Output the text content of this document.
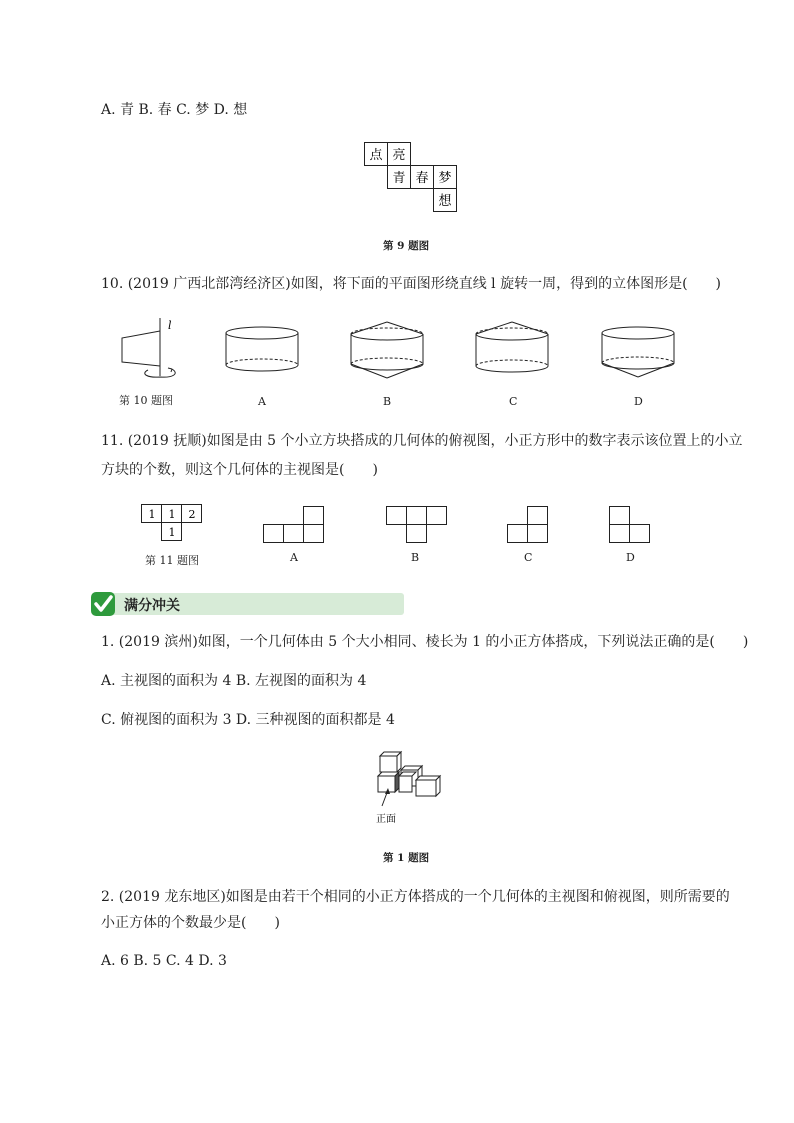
A. 青 B. 春 C. 梦 D. 想
点 亮
青 春 梦
想
第 9 题图
10. (2019 广西北部湾经济区)如图，将下面的平面图形绕直线 l 旋转一周，得到的立体图形是(　　)
l
第 10 题图	A	B	C	D
11. (2019 抚顺)如图是由 5 个小立方块搭成的几何体的俯视图，小正方形中的数字表示该位置上的小立
方块的个数，则这个几何体的主视图是(　　)
1 1 2
1
第 11 题图	A	B	C	D
满分冲关
1. (2019 滨州)如图，一个几何体由 5 个大小相同、棱长为 1 的小正方体搭成，下列说法正确的是(　　)
A. 主视图的面积为 4 B. 左视图的面积为 4
C. 俯视图的面积为 3 D. 三种视图的面积都是 4
正面
第 1 题图
2. (2019 龙东地区)如图是由若干个相同的小正方体搭成的一个几何体的主视图和俯视图，则所需要的
小正方体的个数最少是(　　)
A. 6 B. 5 C. 4 D. 3
